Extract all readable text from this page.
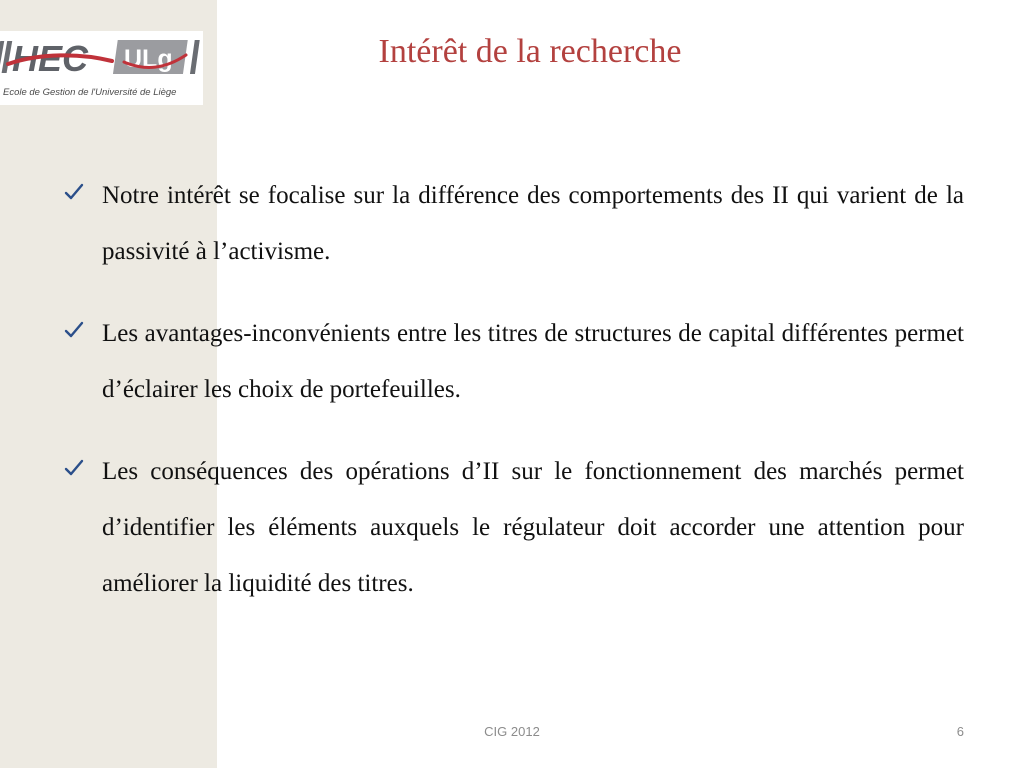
HEC ULg
Ecole de Gestion de l'Université de Liège
Intérêt de la recherche
Notre intérêt se focalise sur la différence des comportements des II qui varient de la passivité à l’activisme.
Les avantages-inconvénients entre les titres de structures de capital différentes permet d’éclairer les choix de portefeuilles.
Les conséquences des opérations d’II sur le fonctionnement des marchés permet d’identifier les éléments auxquels le régulateur doit accorder une attention pour améliorer la liquidité des titres.
CIG 2012	6
